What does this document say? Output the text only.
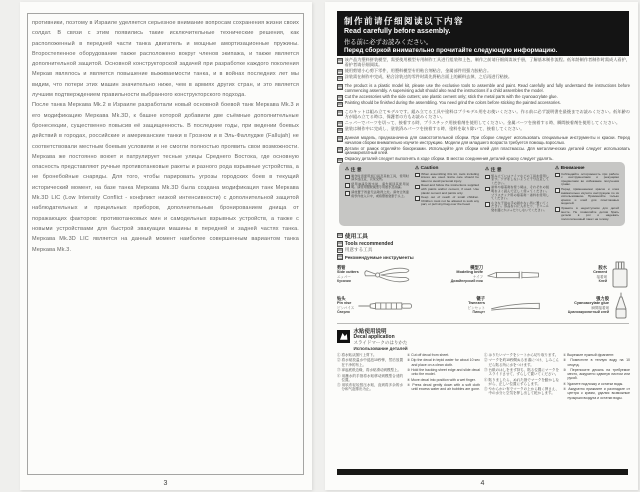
противники, поэтому в Израиле уделяется серьезное внимание вопросам сохранения жизни своих солдат. В связи с этим появились такие исключительные технические решения, как расположенный в передней части танка двигатель и мощные амортизационные пружины. Второстепенное оборудование также расположено вокруг членов экипажа, и также является дополнительной защитой. Основной конструкторской задачей при разработке каждого поколения Меркав являлось и является повышение выживаемости танка, и в войнах последних лет мы видим, что потери этих машин значительно ниже, чем в армиях других стран, и это является лучшим подтверждением правильности выбранного конструкторского подхода.

После танка Меркава Mk.2 в Израиле разработали новый основной боевой танк Меркава Mk.3 и его модификацию Меркава Mk.3D, к башне которой добавили две съёмные дополнительные бронесекции, существенно повысив её защищенность. В последние годы, при ведении боевых действий в городах, российские и американские танки в Грозном и в Эль-Фаллудже (Fallujah) не соответствовали местным боевым условиям и не смогли полностью проявить свои возможности. Меркава же постоянно воюет и патрулирует тесные улицы Среднего Востока, где основную опасность представляют ручные противотанковые ракеты и разного рода взрывные устройства, а не бронебойные снаряды. Для того, чтобы парировать угрозы городских боев в текущий исторический момент, на базе танка Меркава Mk.3D была создана модификация танк Меркава Mk.3D LIC (Low Intensity Conflict - конфликт низкой интенсивности) с дополнительной защитой наблюдательных и прицельных приборов, дополнительным бронированием днища от поражающих факторов: противотанковых мин и самодельных взрывных устройств, а также с новыми устройствами для быстрой эвакуации машины в передней и задней частях танка. Меркава Mk.3D LIC является на данный момент наиболее совершенным вариантом танка Меркава Mk.3.

3
制作前请仔细阅读以下内容
Read carefully before assembly.
作る前に必ずお読みください。
Перед сборкой внимательно прочитайте следующую информацию.
该产品为塑料拼装模型，需要使用模型专用制作工具进行组装和上色，制作之前请仔细阅读该手册，了解基本制作流程。低年龄制作者制作时需成人看护，看护者请仔细阅读。
使用剪钳小心剪下零件，用塑料模型专用粘合剂粘合，金属部件用强力胶粘合。
涂装需在制作中完成，粘合涂装过的零件时需先将粘合面上的颜料去掉，之后再进行粘接。
The product is a plastic model kit, please use the exclusive tools to assemble and paint. Read carefully and fully understand the instructions before commencing assembly. A supervising adult should also read the instructions if a child assembles the model.
Cut the accessories with the side cutters; use plastic cement only; stick the metal parts with the cyanoacrylate glue.
Painting should be finished during the assembling. You need grind the colors before sticking the painted accessories.
このキットは組み立てモデルです。組み立てる工具や塗料はプラモデル用をお使いください。作る前に必ず説明書を最後までお読みください。低年齢の方が組み立てる時は、保護者の方もお読みください。
ニッパーでパーツを切って、接着する時、プラスチック用接着剤を使用してください。金属パーツを接着する時、瞬間接着剤を使用してください。
塗装は制作中に完成し、塗装済みパーツを接着する時、塗料を取り除いて、接着してください。
Данная модель, предназначена для самостоятельной сборки. При сборке следует использовать специальные инструменты и краски. Перед началом сборки внимательно изучите инструкцию. Модели для младшего возраста требуется помощь взрослых.
Детали от рамок отделяйте бокорезами. Используйте для сборки клей для пластмассы. Для металлических деталей следует использовать цианакрилатный клей.
Окраску деталей следует выполнять в ходе сборки. В местах соединения деталей краску следует удалять.
⚠ 注 意
制作时需使用到刀具及其他工具，使用时请多加注意，以免受伤。
使用油漆及胶水时，请先阅读其使用说明。请使用塑胶模型专用胶水及油漆。
请放置于孩童无法取得之处。请勿让孩童将零件放入口中，或将塑胶袋套于头上。
⚠ Caution
When assembling this kit, tools including knives are used. Extra care should be taken to avoid personal injury.
Read and follow the instructions supplied with paints and/or cement, if used. Use plastic cement and paints only.
Keep out of reach of small children. Children must not be allowed to suck any part, or pull vinyl bag over the head.
⚠ 注 意
組み立てにはナイフなどの工具を使用します。ケガをしないように十分注意してください。
塗料や接着剤を使う時は、それぞれの説明をよく読んで正しく使ってください。プラスチック用の接着剤・塗料を使用してください。
小さな子供の手の届かない所に置いてください。部品を口に入れたり、ビニール袋を頭にかぶったりしないでください。
⚠ Внимание
Соблюдайте осторожность при работе с инструментами и режущими предметами во избежание получения травм.
Перед применением красок и клея внимательно изучите инструкцию по их использованию. Применяйте только краски и клей для пластиковых моделей.
Храните в недоступном для детей месте. Не позволяйте детям брать детали в рот и надевать полиэтиленовый пакет на голову.
使用工具
Tools recommended
用意する工具
Рекомендуемые инструменты
剪钳
Side cutters
ニッパー
Кусачки
模型刀
Modeling knife
ナイフ
Дизайнерский нож
胶水
Cement
接着剤
Клей
钻头
Pin vise
ピンバイス
Сверло
镊子
Tweezers
ピンセット
Пинцет
强力胶
Cyanoacrylate glue
瞬間接着剤
Цианоакрилатный клей
水贴使用说明
Decal application
スライドマークのはりかた
Использование деталей
① 将水贴从图片上剪下。
② 将水贴放温水中浸泡10秒钟，然后放置在干净的布上。
③ 拿起底纸边缘，将水贴滑动到模型上。
④ 用蘸水的手指将水贴移动到模型合适的位置。
⑤ 用软布轻轻按压水贴，直到将多余的水分和气泡排出为止。
① Cut off decal from sheet.
② Dip the decal in tepid water for about 10 sec and place on a clean cloth.
③ Hold the backing sheet edge and slide decal onto the model.
④ Move decal into position with a wet finger.
⑤ Press decal gently down with a soft cloth until excess water and air bubbles are gone.
① はりたいマークをシートから切り取ります。
② マークを約10秒間ぬるま湯につけ、しみこんだら貼る所に水をつけます。
③ 台紙のはしをまず持ち、貼る位置にマークをスライドさせて、ずらして置いてください。
④ 貼りましたら、ぬれた指でマークを動かしながら、正しい位置にずらします。
⑤ やわらかい布でマークの上から軽く押さえ、中の水分と空気を押し出して乾かします。
① Вырежьте нужный фрагмент.
② Поместите в теплую воду на 10 секунд.
③ Переносите декаль на требуемое место, аккуратно сдвинув листом или рукой.
④ Удалите подложку и остатки воды.
⑤ Аккуратно прижмите и разгладьте от центра к краям, удаляя возможные пузырьки воздуха и остатки воды.
4
